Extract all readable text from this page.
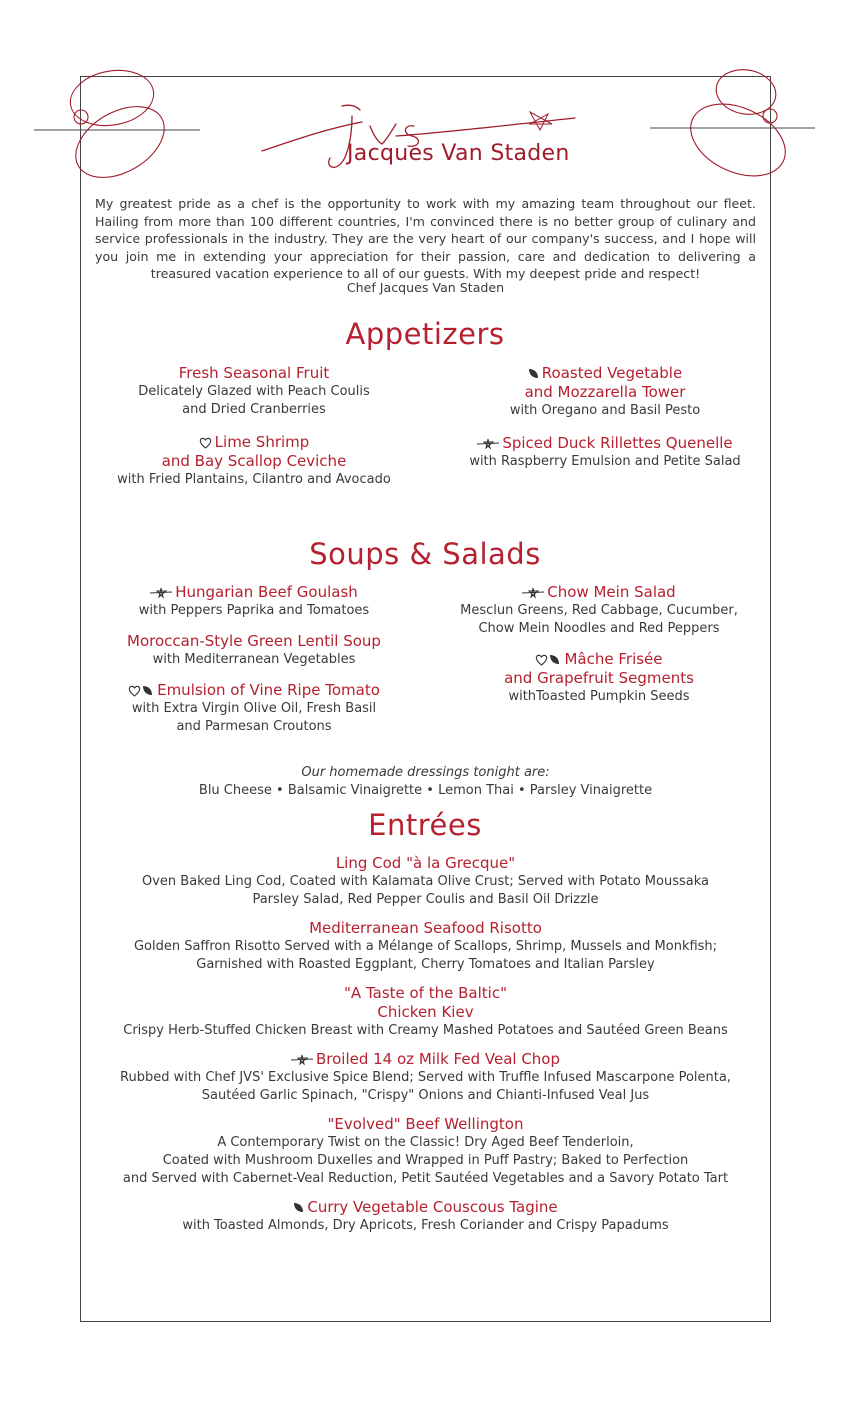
Jacques Van Staden
My greatest pride as a chef is the opportunity to work with my amazing team throughout our fleet. Hailing from more than 100 different countries, I'm convinced there is no better group of culinary and service professionals in the industry. They are the very heart of our company's success, and I hope will you join me in extending your appreciation for their passion, care and dedication to delivering a treasured vacation experience to all of our guests. With my deepest pride and respect!
Chef Jacques Van Staden
Appetizers
Fresh Seasonal Fruit
Delicately Glazed with Peach Coulis
and Dried Cranberries
Lime Shrimp
and Bay Scallop Ceviche
with Fried Plantains, Cilantro and Avocado
Roasted Vegetable
and Mozzarella Tower
with Oregano and Basil Pesto
Spiced Duck Rillettes Quenelle
with Raspberry Emulsion and Petite Salad
Soups & Salads
Hungarian Beef Goulash
with Peppers Paprika and Tomatoes
Moroccan-Style Green Lentil Soup
with Mediterranean Vegetables
Emulsion of Vine Ripe Tomato
with Extra Virgin Olive Oil, Fresh Basil
and Parmesan Croutons
Chow Mein Salad
Mesclun Greens, Red Cabbage, Cucumber,
Chow Mein Noodles and Red Peppers
Mâche Frisée
and Grapefruit Segments
withToasted Pumpkin Seeds
Our homemade dressings tonight are:
Blu Cheese • Balsamic Vinaigrette • Lemon Thai • Parsley Vinaigrette
Entrées
Ling Cod "à la Grecque"
Oven Baked Ling Cod, Coated with Kalamata Olive Crust; Served with Potato Moussaka
Parsley Salad, Red Pepper Coulis and Basil Oil Drizzle
Mediterranean Seafood Risotto
Golden Saffron Risotto Served with a Mélange of Scallops, Shrimp, Mussels and Monkfish;
Garnished with Roasted Eggplant, Cherry Tomatoes and Italian Parsley
"A Taste of the Baltic"
Chicken Kiev
Crispy Herb-Stuffed Chicken Breast with Creamy Mashed Potatoes and Sautéed Green Beans
Broiled 14 oz Milk Fed Veal Chop
Rubbed with Chef JVS' Exclusive Spice Blend; Served with Truffle Infused Mascarpone Polenta,
Sautéed Garlic Spinach, "Crispy" Onions and Chianti-Infused Veal Jus
"Evolved" Beef Wellington
A Contemporary Twist on the Classic! Dry Aged Beef Tenderloin,
Coated with Mushroom Duxelles and Wrapped in Puff Pastry; Baked to Perfection
and Served with Cabernet-Veal Reduction, Petit Sautéed Vegetables and a Savory Potato Tart
Curry Vegetable Couscous Tagine
with Toasted Almonds, Dry Apricots, Fresh Coriander and Crispy Papadums
